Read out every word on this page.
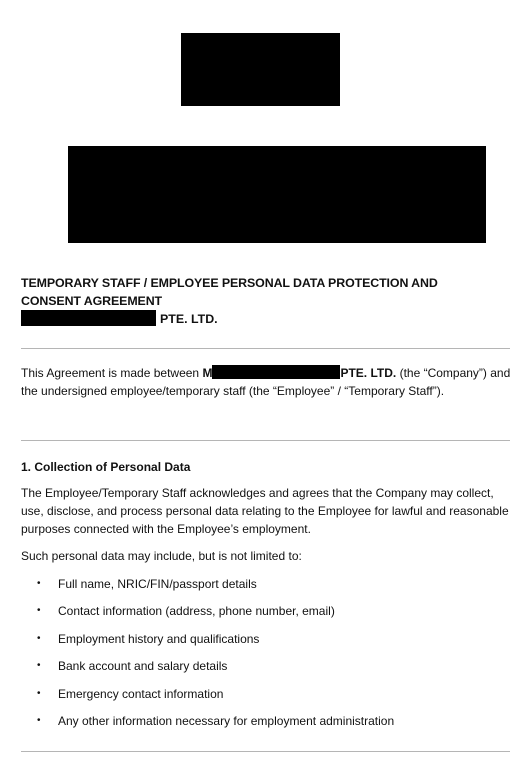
TEMPORARY STAFF / EMPLOYEE PERSONAL DATA PROTECTION AND CONSENT AGREEMENT
PTE. LTD.
This Agreement is made between M	PTE. LTD. (the “Company”) and the undersigned employee/temporary staff (the “Employee” / “Temporary Staff”).
1. Collection of Personal Data
The Employee/Temporary Staff acknowledges and agrees that the Company may collect, use, disclose, and process personal data relating to the Employee for lawful and reasonable purposes connected with the Employee’s employment.
Such personal data may include, but is not limited to:
• Full name, NRIC/FIN/passport details
• Contact information (address, phone number, email)
• Employment history and qualifications
• Bank account and salary details
• Emergency contact information
• Any other information necessary for employment administration
